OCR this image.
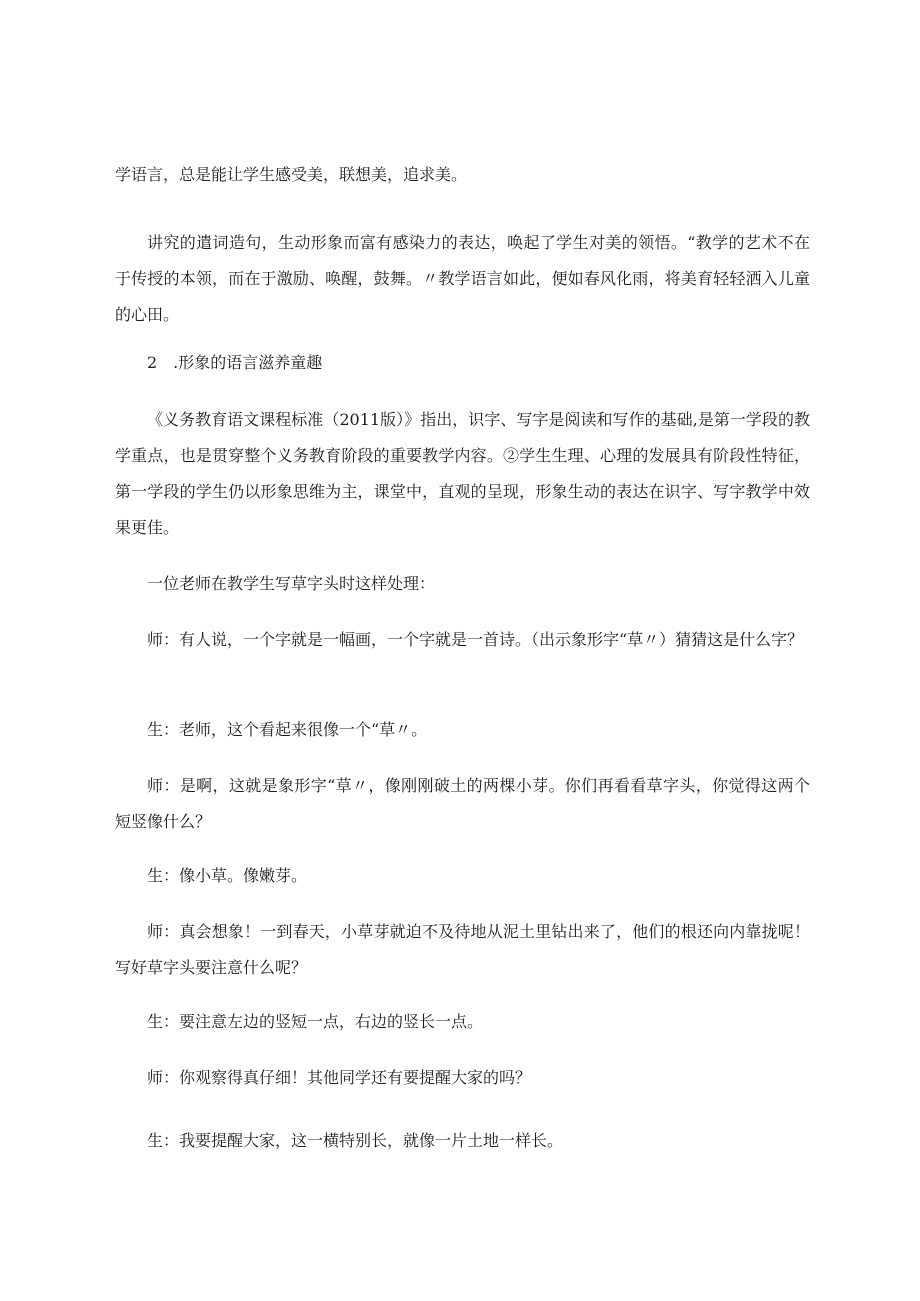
学语言，总是能让学生感受美，联想美，追求美。

讲究的遣词造句，生动形象而富有感染力的表达，唤起了学生对美的领悟。“教学的艺术不在于传授的本领，而在于激励、唤醒，鼓舞。〃教学语言如此，便如春风化雨，将美育轻轻洒入儿童的心田。

2　.形象的语言滋养童趣

《义务教育语文课程标准（2011版）》指出，识字、写字是阅读和写作的基础,是第一学段的教学重点，也是贯穿整个义务教育阶段的重要教学内容。②学生生理、心理的发展具有阶段性特征，第一学段的学生仍以形象思维为主，课堂中，直观的呈现，形象生动的表达在识字、写字教学中效果更佳。

一位老师在教学生写草字头时这样处理：

师：有人说，一个字就是一幅画，一个字就是一首诗。（出示象形字“草〃）猜猜这是什么字？

生：老师，这个看起来很像一个“草〃。

师：是啊，这就是象形字“草〃，像刚刚破土的两棵小芽。你们再看看草字头，你觉得这两个短竖像什么？

生：像小草。像嫩芽。

师：真会想象！一到春天，小草芽就迫不及待地从泥土里钻出来了，他们的根还向内靠拢呢！写好草字头要注意什么呢？

生：要注意左边的竖短一点，右边的竖长一点。

师：你观察得真仔细！其他同学还有要提醒大家的吗？

生：我要提醒大家，这一横特别长，就像一片土地一样长。
